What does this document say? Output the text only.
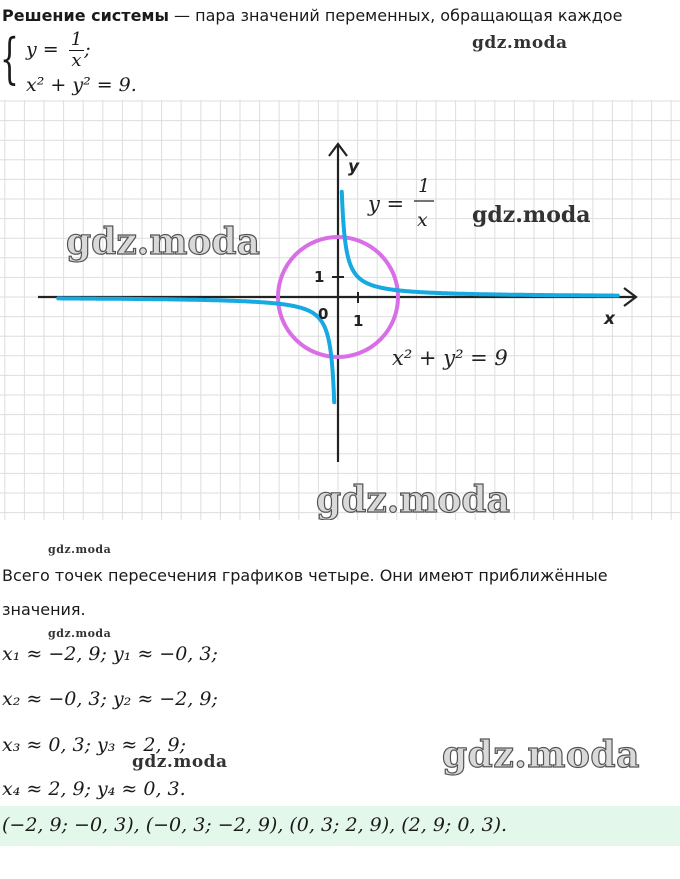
Решение системы — пара значений переменных, обращающая каждое
{ $y = \frac{1}{x}$ ;
x² + y² = 9.
gdz.moda
y
x
0 1
1
y =
1
x
x² + y² = 9
gdz.moda
gdz.moda
gdz.moda
gdz.moda
Всего точек пересечения графиков четыре. Они имеют приближённые
значения.
gdz.moda
x₁ ≈ −2, 9; y₁ ≈ −0, 3;
x₂ ≈ −0, 3; y₂ ≈ −2, 9;
x₃ ≈ 0, 3; y₃ ≈ 2, 9;
gdz.moda	gdz.moda
x₄ ≈ 2, 9; y₄ ≈ 0, 3.
(−2, 9; −0, 3), (−0, 3; −2, 9), (0, 3; 2, 9), (2, 9; 0, 3).
